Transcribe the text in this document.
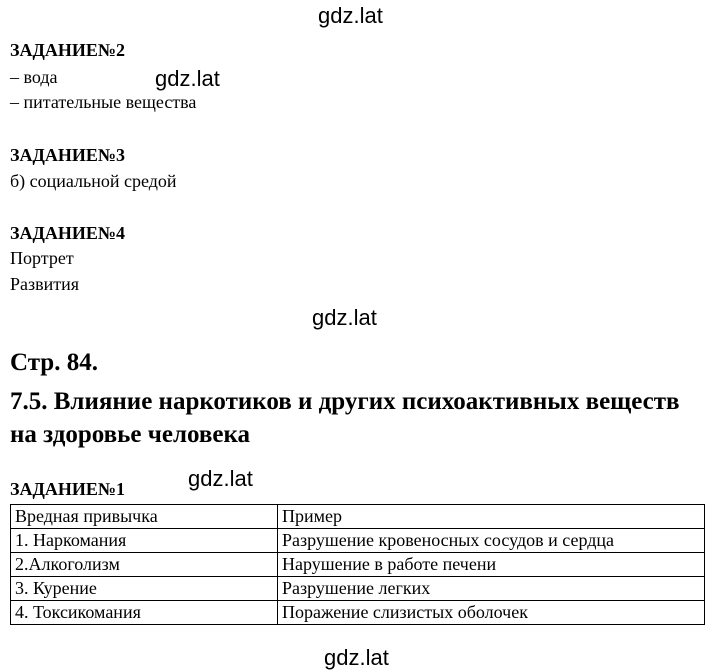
gdz.lat
ЗАДАНИЕ№2
gdz.lat
– вода
– питательные вещества
ЗАДАНИЕ№3
б) социальной средой
ЗАДАНИЕ№4
Портрет
Развития
gdz.lat
Стр. 84.
7.5. Влияние наркотиков и других психоактивных веществ на здоровье человека
ЗАДАНИЕ№1	gdz.lat
Вредная привычка	Пример
1. Наркомания	Разрушение кровеносных сосудов и сердца
2.Алкоголизм	Нарушение в работе печени
3. Курение	Разрушение легких
4. Токсикомания	Поражение слизистых оболочек
gdz.lat
